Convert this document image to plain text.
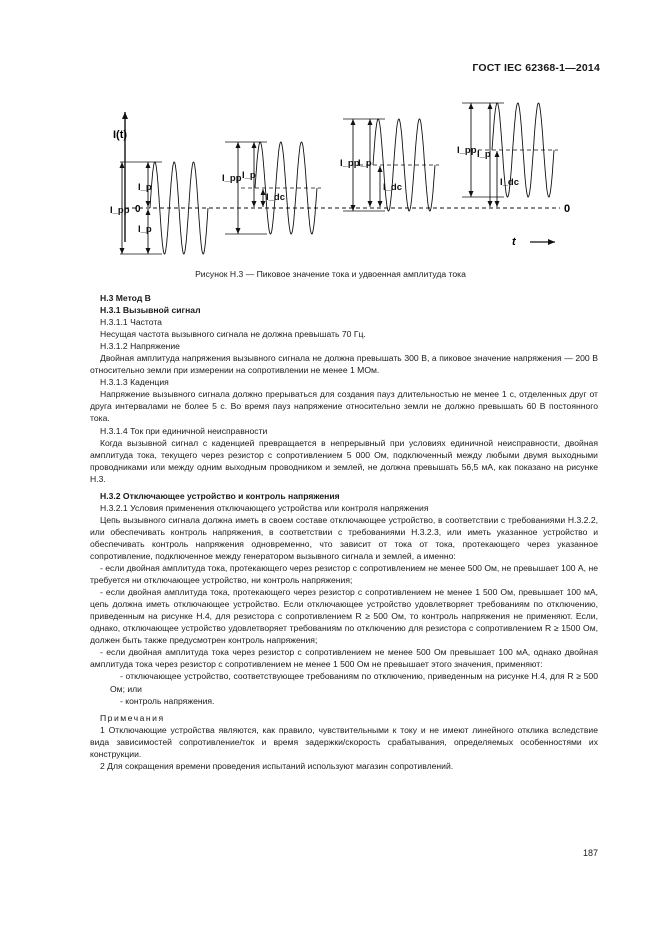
ГОСТ IEC 62368-1—2014
I(t)
t
0
0
I_pp
I_p
I_p
I_pp I_p
I_dc
I_pp
I_p
I_dc
I_pp I_p
I_dc
Рисунок Н.3 — Пиковое значение тока и удвоенная амплитуда тока

Н.3 Метод В

Н.3.1 Вызывной сигнал

Н.3.1.1 Частота

Несущая частота вызывного сигнала не должна превышать 70 Гц.

Н.3.1.2 Напряжение

Двойная амплитуда напряжения вызывного сигнала не должна превышать 300 В, а пиковое значение напряжения — 200 В относительно земли при измерении на сопротивлении не менее 1 МОм.

Н.3.1.3 Каденция

Напряжение вызывного сигнала должно прерываться для создания пауз длительностью не менее 1 с, отделенных друг от друга интервалами не более 5 с. Во время пауз напряжение относительно земли не должно превышать 60 В постоянного тока.

Н.3.1.4 Ток при единичной неисправности

Когда вызывной сигнал с каденцией превращается в непрерывный при условиях единичной неисправности, двойная амплитуда тока, текущего через резистор с сопротивлением 5 000 Ом, подключенный между любыми двумя выходными проводниками или между одним выходным проводником и землей, не должна превышать 56,5 мА, как показано на рисунке Н.3.

Н.3.2 Отключающее устройство и контроль напряжения

Н.3.2.1 Условия применения отключающего устройства или контроля напряжения

Цепь вызывного сигнала должна иметь в своем составе отключающее устройство, в соответствии с требованиями Н.3.2.2, или обеспечивать контроль напряжения, в соответствии с требованиями Н.3.2.3, или иметь указанное устройство и обеспечивать контроль напряжения одновременно, что зависит от тока от тока, протекающего через указанное сопротивление, подключенное между генератором вызывного сигнала и землей, а именно:

- если двойная амплитуда тока, протекающего через резистор с сопротивлением не менее 500 Ом, не превышает 100 А, не требуется ни отключающее устройство, ни контроль напряжения;

- если двойная амплитуда тока, протекающего через резистор с сопротивлением не менее 1 500 Ом, превышает 100 мА, цепь должна иметь отключающее устройство. Если отключающее устройство удовлетворяет требованиям по отключению, приведенным на рисунке Н.4, для резистора с сопротивлением R ≥ 500 Ом, то контроль напряжения не применяют. Если, однако, отключающее устройство удовлетворяет требованиям по отключению для резистора с сопротивлением R ≥ 1500 Ом, должен быть также предусмотрен контроль напряжения;

- если двойная амплитуда тока через резистор с сопротивлением не менее 500 Ом превышает 100 мА, однако двойная амплитуда тока через резистор с сопротивлением не менее 1 500 Ом не превышает этого значения, применяют:

- отключающее устройство, соответствующее требованиям по отключению, приведенным на рисунке Н.4, для R ≥ 500 Ом; или

- контроль напряжения.

Примечания

1 Отключающие устройства являются, как правило, чувствительными к току и не имеют линейного отклика вследствие вида зависимостей сопротивление/ток и время задержки/скорость срабатывания, определяемых особенностями их конструкции.

2 Для сокращения времени проведения испытаний используют магазин сопротивлений.

187
